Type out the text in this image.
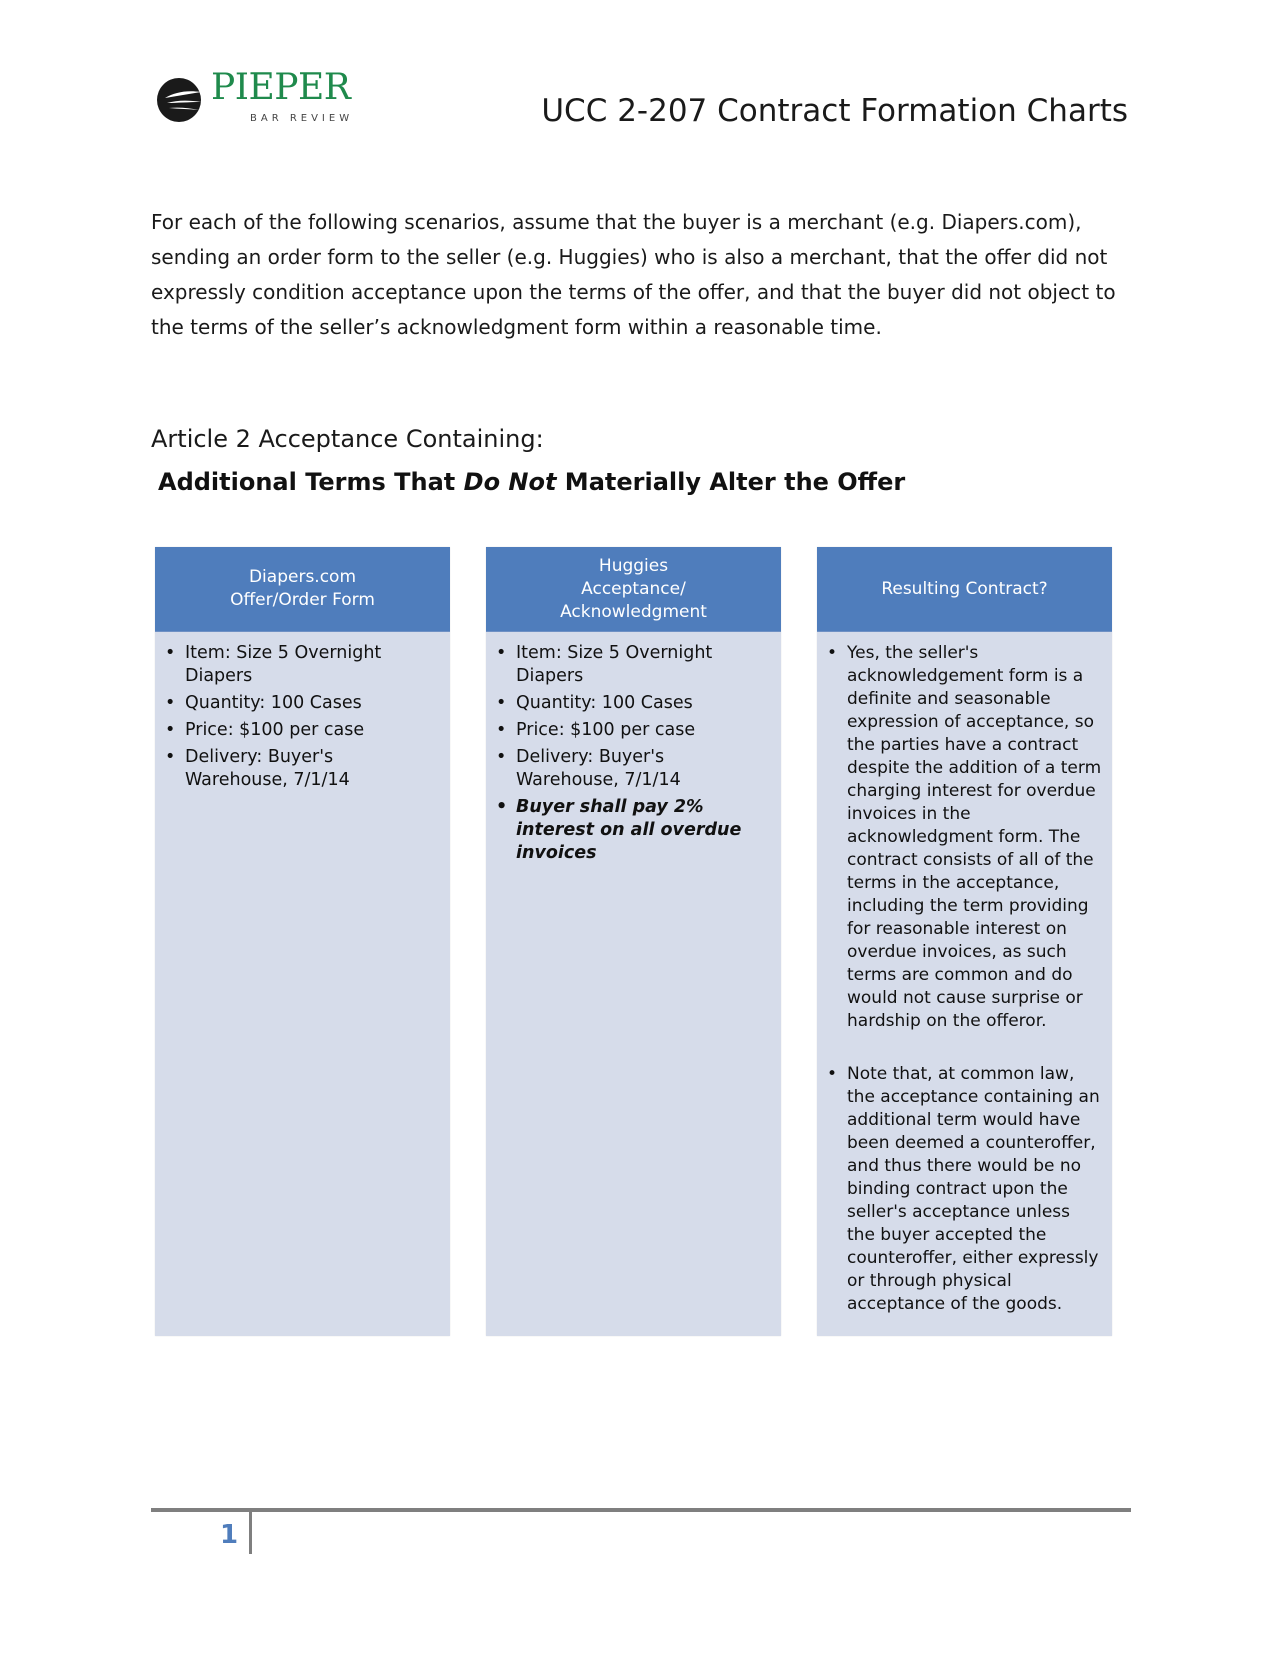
PIEPER
BAR REVIEW	UCC 2-207 Contract Formation Charts

For each of the following scenarios, assume that the buyer is a merchant (e.g. Diapers.com), sending an order form to the seller (e.g. Huggies) who is also a merchant, that the offer did not expressly condition acceptance upon the terms of the offer, and that the buyer did not object to the terms of the seller’s acknowledgment form within a reasonable time.

Article 2 Acceptance Containing:
Additional Terms That Do Not Materially Alter the Offer
Diapers.com
Offer/Order Form
• Item: Size 5 Overnight Diapers
• Quantity: 100 Cases
• Price: $100 per case
• Delivery: Buyer's Warehouse, 7/1/14
Huggies
Acceptance/
Acknowledgment
• Item: Size 5 Overnight Diapers
• Quantity: 100 Cases
• Price: $100 per case
• Delivery: Buyer's Warehouse, 7/1/14
• Buyer shall pay 2% interest on all overdue invoices
Resulting Contract?
• Yes, the seller's acknowledgement form is a definite and seasonable expression of acceptance, so the parties have a contract despite the addition of a term charging interest for overdue invoices in the acknowledgment form. The contract consists of all of the terms in the acceptance, including the term providing for reasonable interest on overdue invoices, as such terms are common and do would not cause surprise or hardship on the offeror.
• Note that, at common law, the acceptance containing an additional term would have been deemed a counteroffer, and thus there would be no binding contract upon the seller's acceptance unless the buyer accepted the counteroffer, either expressly or through physical acceptance of the goods.
1
